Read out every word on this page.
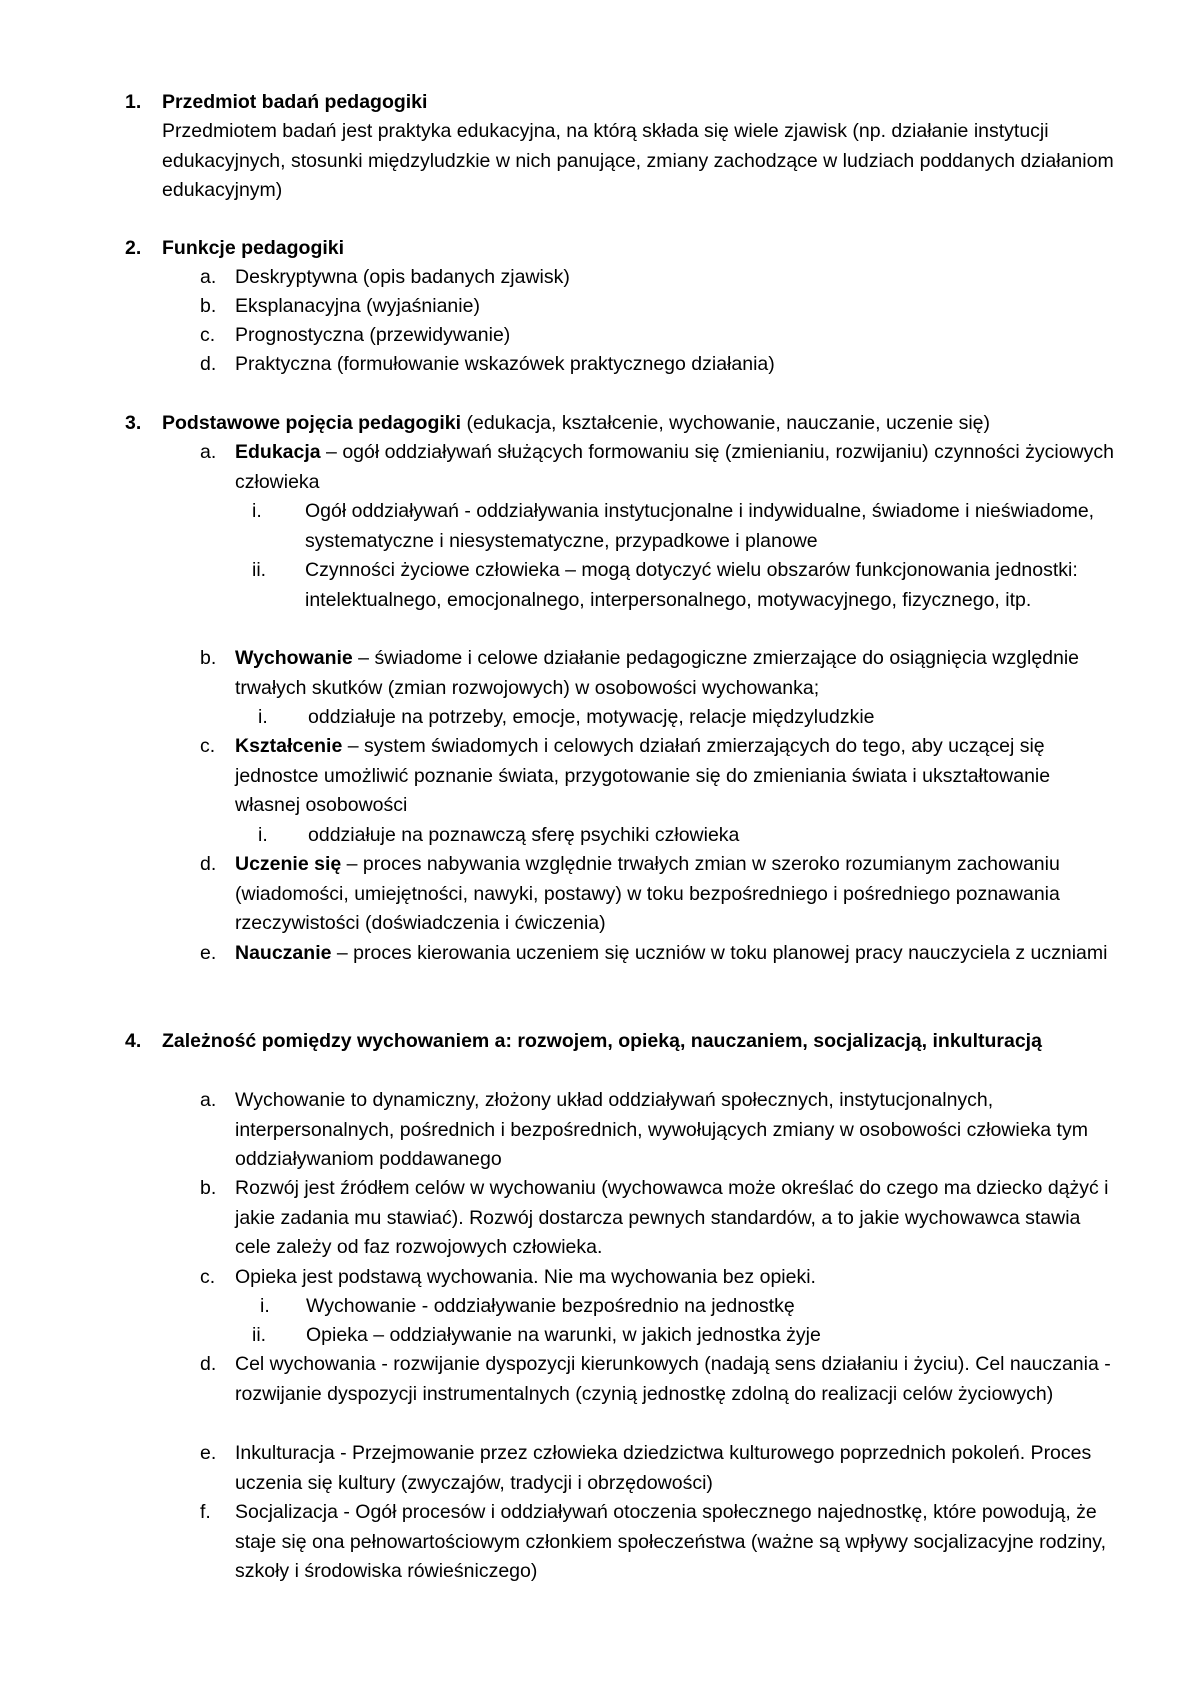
1. Przedmiot badań pedagogiki
Przedmiotem badań jest praktyka edukacyjna, na którą składa się wiele zjawisk (np. działanie instytucji edukacyjnych, stosunki międzyludzkie w nich panujące, zmiany zachodzące w ludziach poddanych działaniom edukacyjnym)
2. Funkcje pedagogiki
a. Deskryptywna (opis badanych zjawisk)
b. Eksplanacyjna (wyjaśnianie)
c. Prognostyczna (przewidywanie)
d. Praktyczna (formułowanie wskazówek praktycznego działania)
3. Podstawowe pojęcia pedagogiki (edukacja, kształcenie, wychowanie, nauczanie, uczenie się)
a. Edukacja – ogół oddziaływań służących formowaniu się (zmienianiu, rozwijaniu) czynności życiowych człowieka
i. Ogół oddziaływań - oddziaływania instytucjonalne i indywidualne, świadome i nieświadome, systematyczne i niesystematyczne, przypadkowe i planowe
ii. Czynności życiowe człowieka – mogą dotyczyć wielu obszarów funkcjonowania jednostki: intelektualnego, emocjonalnego, interpersonalnego, motywacyjnego, fizycznego, itp.
b. Wychowanie – świadome i celowe działanie pedagogiczne zmierzające do osiągnięcia względnie trwałych skutków (zmian rozwojowych) w osobowości wychowanka;
i. oddziałuje na potrzeby, emocje, motywację, relacje międzyludzkie
c. Kształcenie – system świadomych i celowych działań zmierzających do tego, aby uczącej się jednostce umożliwić poznanie świata, przygotowanie się do zmieniania świata i ukształtowanie własnej osobowości
i. oddziałuje na poznawczą sferę psychiki człowieka
d. Uczenie się – proces nabywania względnie trwałych zmian w szeroko rozumianym zachowaniu (wiadomości, umiejętności, nawyki, postawy) w toku bezpośredniego i pośredniego poznawania rzeczywistości (doświadczenia i ćwiczenia)
e. Nauczanie – proces kierowania uczeniem się uczniów w toku planowej pracy nauczyciela z uczniami
4. Zależność pomiędzy wychowaniem a: rozwojem, opieką, nauczaniem, socjalizacją, inkulturacją
a. Wychowanie to dynamiczny, złożony układ oddziaływań społecznych, instytucjonalnych, interpersonalnych, pośrednich i bezpośrednich, wywołujących zmiany w osobowości człowieka tym oddziaływaniom poddawanego
b. Rozwój jest źródłem celów w wychowaniu (wychowawca może określać do czego ma dziecko dążyć i jakie zadania mu stawiać). Rozwój dostarcza pewnych standardów, a to jakie wychowawca stawia cele zależy od faz rozwojowych człowieka.
c. Opieka jest podstawą wychowania. Nie ma wychowania bez opieki.
i. Wychowanie - oddziaływanie bezpośrednio na jednostkę
ii. Opieka – oddziaływanie na warunki, w jakich jednostka żyje
d. Cel wychowania - rozwijanie dyspozycji kierunkowych (nadają sens działaniu i życiu). Cel nauczania - rozwijanie dyspozycji instrumentalnych (czynią jednostkę zdolną do realizacji celów życiowych)
e. Inkulturacja - Przejmowanie przez człowieka dziedzictwa kulturowego poprzednich pokoleń. Proces uczenia się kultury (zwyczajów, tradycji i obrzędowości)
f. Socjalizacja - Ogół procesów i oddziaływań otoczenia społecznego najednostkę, które powodują, że staje się ona pełnowartościowym członkiem społeczeństwa (ważne są wpływy socjalizacyjne rodziny, szkoły i środowiska rówieśniczego)
